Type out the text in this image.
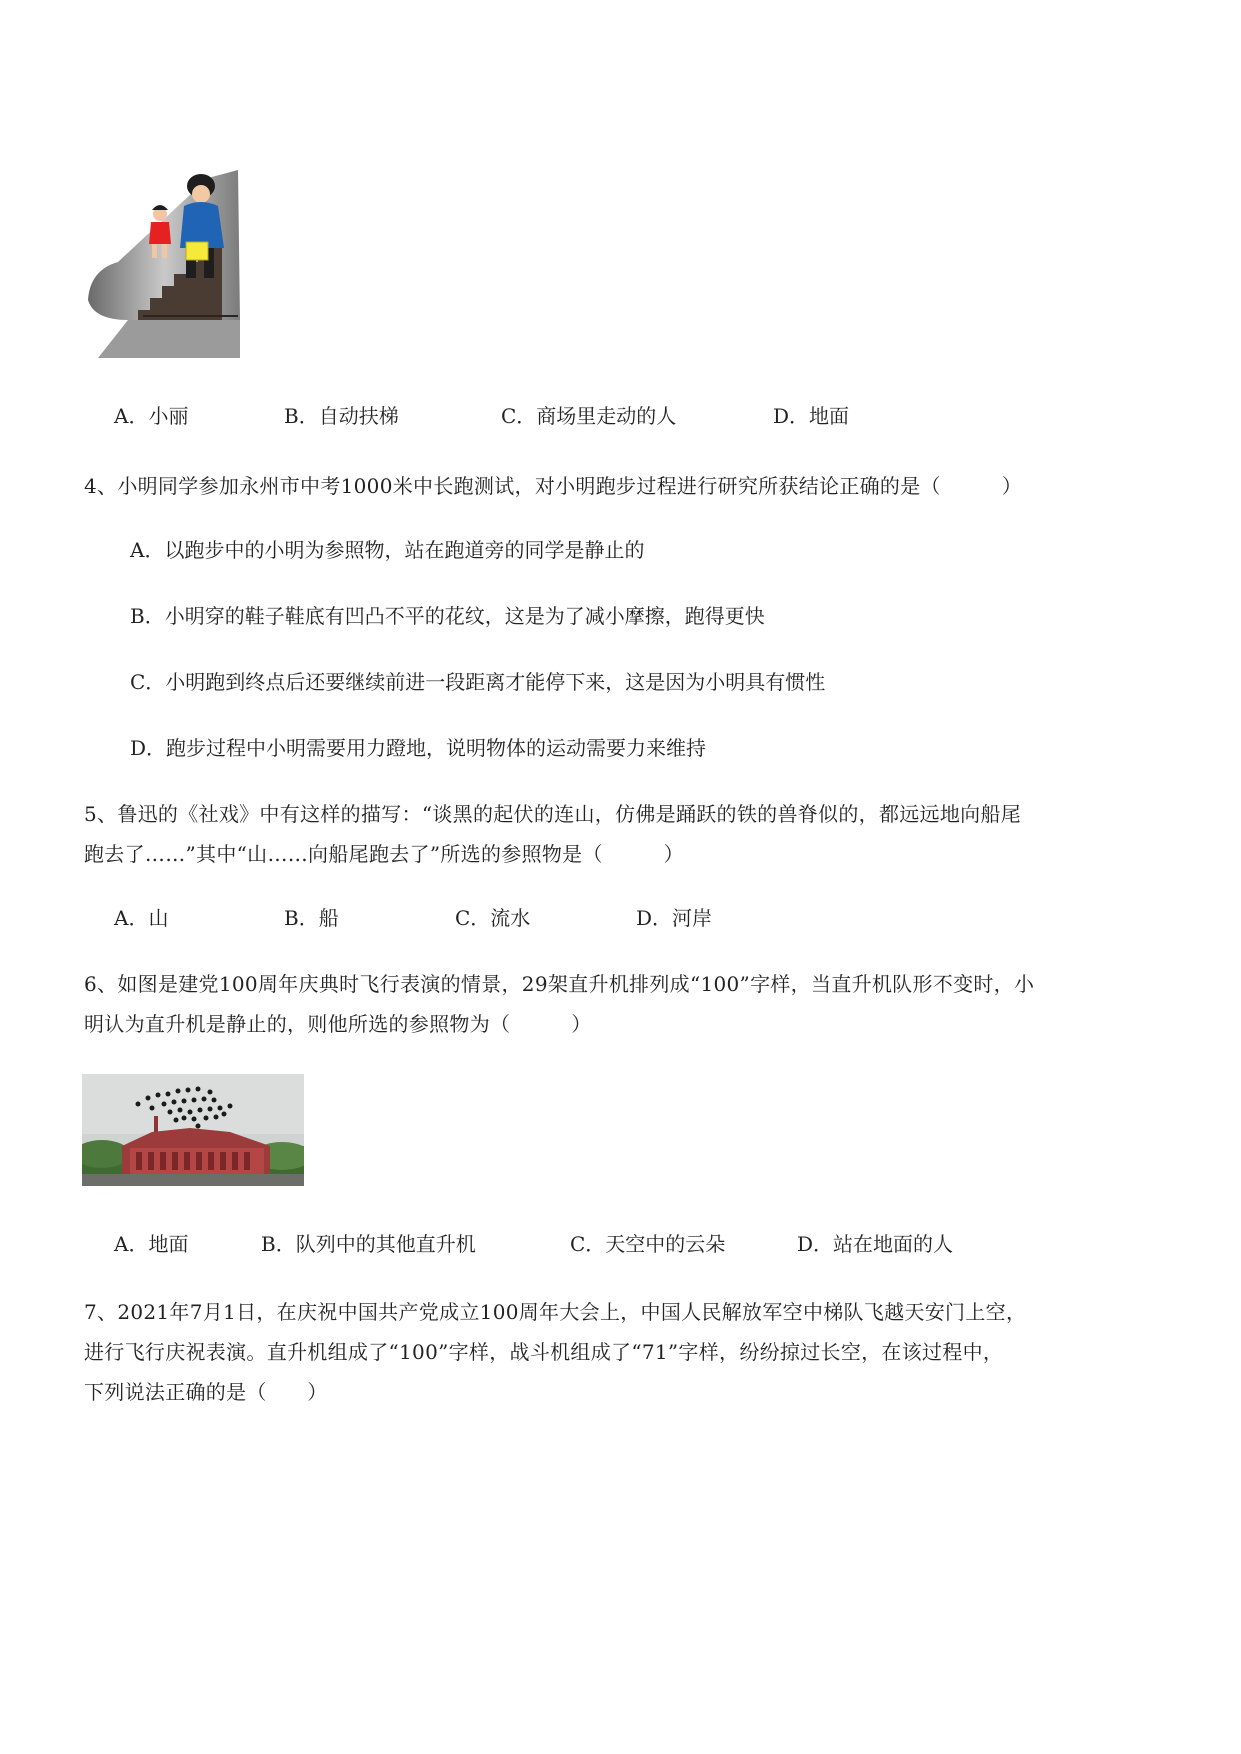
A．小丽	B．自动扶梯	C．商场里走动的人	D．地面
4、小明同学参加永州市中考1000米中长跑测试，对小明跑步过程进行研究所获结论正确的是（　　　）
A．以跑步中的小明为参照物，站在跑道旁的同学是静止的
B．小明穿的鞋子鞋底有凹凸不平的花纹，这是为了减小摩擦，跑得更快
C．小明跑到终点后还要继续前进一段距离才能停下来，这是因为小明具有惯性
D．跑步过程中小明需要用力蹬地，说明物体的运动需要力来维持
5、鲁迅的《社戏》中有这样的描写：“谈黑的起伏的连山，仿佛是踊跃的铁的兽脊似的，都远远地向船尾
跑去了……”其中“山……向船尾跑去了”所选的参照物是（　　　）
A．山	B．船	C．流水	D．河岸
6、如图是建党100周年庆典时飞行表演的情景，29架直升机排列成“100”字样，当直升机队形不变时，小
明认为直升机是静止的，则他所选的参照物为（　　　）
A．地面	B．队列中的其他直升机	C．天空中的云朵	D．站在地面的人
7、2021年7月1日，在庆祝中国共产党成立100周年大会上，中国人民解放军空中梯队飞越天安门上空，
进行飞行庆祝表演。直升机组成了“100”字样，战斗机组成了“71”字样，纷纷掠过长空，在该过程中，
下列说法正确的是（　　）
